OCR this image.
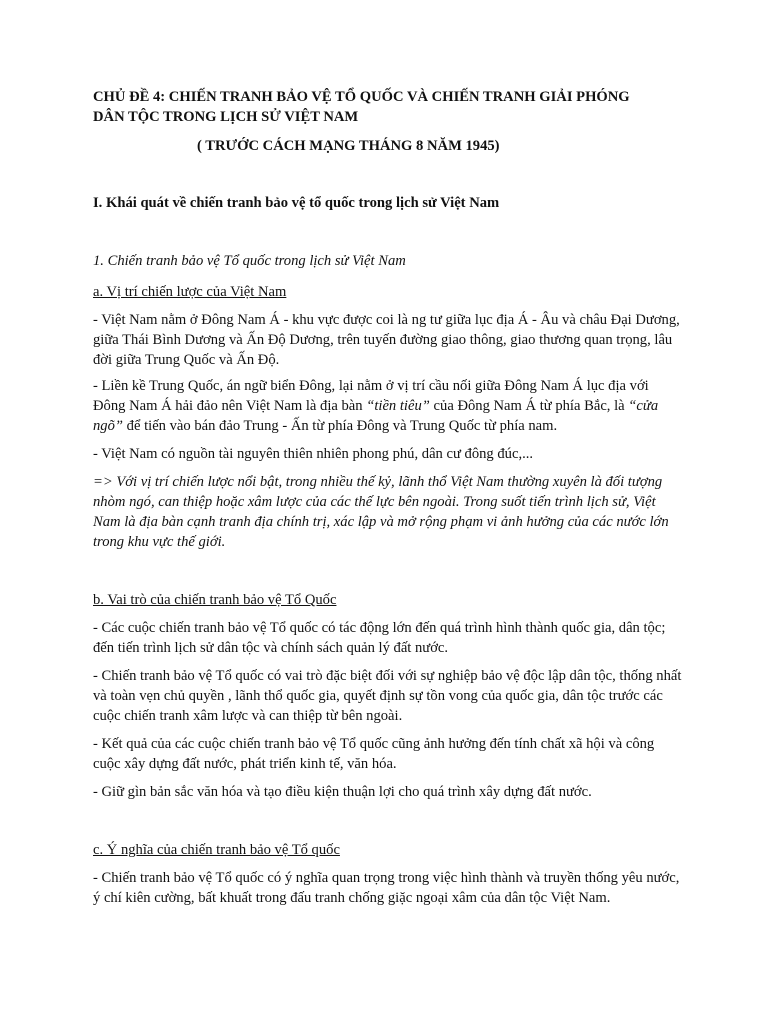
CHỦ ĐỀ 4: CHIẾN TRANH BẢO VỆ TỔ QUỐC VÀ CHIẾN TRANH GIẢI PHÓNG

DÂN TỘC TRONG LỊCH SỬ VIỆT NAM

( TRƯỚC CÁCH MẠNG THÁNG 8 NĂM 1945)

I. Khái quát về chiến tranh bảo vệ tổ quốc trong lịch sử Việt Nam

1. Chiến tranh bảo vệ Tổ quốc trong lịch sử Việt Nam

a. Vị trí chiến lược của Việt Nam

- Việt Nam nằm ở Đông Nam Á - khu vực được coi là ng tư giữa lục địa Á - Âu và châu Đại Dương, giữa Thái Bình Dương và Ấn Độ Dương, trên tuyến đường giao thông, giao thương quan trọng, lâu đời giữa Trung Quốc và Ấn Độ.

- Liền kề Trung Quốc, án ngữ biển Đông, lại nằm ở vị trí cầu nối giữa Đông Nam Á lục địa với Đông Nam Á hải đảo nên Việt Nam là địa bàn “tiền tiêu” của Đông Nam Á từ phía Bắc, là “cửa ngõ” để tiến vào bán đảo Trung - Ấn từ phía Đông và Trung Quốc từ phía nam.

- Việt Nam có nguồn tài nguyên thiên nhiên phong phú, dân cư đông đúc,...

=> Với vị trí chiến lược nổi bật, trong nhiều thế kỷ, lãnh thổ Việt Nam thường xuyên là đối tượng nhòm ngó, can thiệp hoặc xâm lược của các thế lực bên ngoài. Trong suốt tiến trình lịch sử, Việt Nam là địa bàn cạnh tranh địa chính trị, xác lập và mở rộng phạm vi ảnh hưởng của các nước lớn trong khu vực thế giới.

b. Vai trò của chiến tranh bảo vệ Tổ Quốc

- Các cuộc chiến tranh bảo vệ Tổ quốc có tác động lớn đến quá trình hình thành quốc gia, dân tộc; đến tiến trình lịch sử dân tộc và chính sách quản lý đất nước.

- Chiến tranh bảo vệ Tổ quốc có vai trò đặc biệt đối với sự nghiệp bảo vệ độc lập dân tộc, thống nhất và toàn vẹn chủ quyền , lãnh thổ quốc gia, quyết định sự tồn vong của quốc gia, dân tộc trước các cuộc chiến tranh xâm lược và can thiệp từ bên ngoài.

- Kết quả của các cuộc chiến tranh bảo vệ Tổ quốc cũng ảnh hưởng đến tính chất xã hội và công cuộc xây dựng đất nước, phát triển kinh tế, văn hóa.

- Giữ gìn bản sắc văn hóa và tạo điều kiện thuận lợi cho quá trình xây dựng đất nước.

c. Ý nghĩa của chiến tranh bảo vệ Tổ quốc

- Chiến tranh bảo vệ Tổ quốc có ý nghĩa quan trọng trong việc hình thành và truyền thống yêu nước, ý chí kiên cường, bất khuất trong đấu tranh chống giặc ngoại xâm của dân tộc Việt Nam.
